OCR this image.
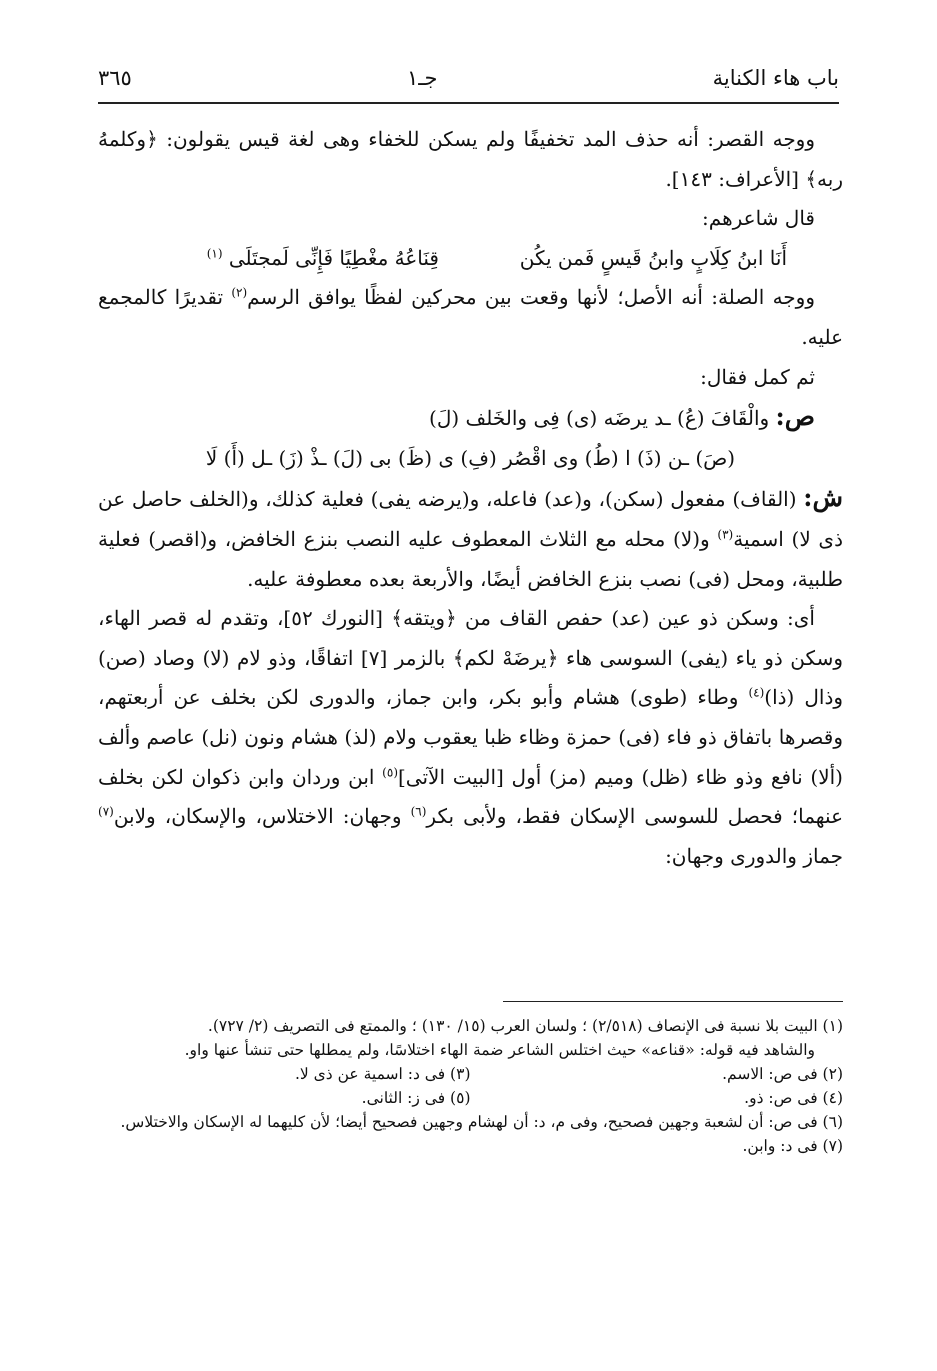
٣٦٥	جـ١	باب هاء الكناية

ووجه القصر: أنه حذف المد تخفيفًا ولم يسكن للخفاء وهى لغة قيس يقولون: ﴿وكلمهُ ربه﴾ [الأعراف: ١٤٣].

قال شاعرهم:

أَنَا ابنُ كِلَابٍ وابنُ قَيسٍ فَمن يكُن  قِنَاعُهُ مغْطِيًا فَإِنِّى لَمجتَلَى $^{(١)}$

ووجه الصلة: أنه الأصل؛ لأنها وقعت بين محركين لفظًا يوافق الرسم$^{(٢)}$ تقديرًا كالمجمع عليه.

ثم كمل فقال:

ص: والْقَافَ (عُ) ـد يرضَه (ى) فِى والخَلف (لَ)

(صَ) ـن (ذَ) ا (طُ) وى اقْصُر (فِ) ى (ظَ) بى (لَ) ـذْ (زَ) ـل (أَ) لَا

ش: (القاف) مفعول (سكن)، و(عد) فاعله، و(يرضه يفى) فعلية كذلك، و(الخلف حاصل عن ذى لا) اسمية$^{(٣)}$ و(لا) محله مع الثلاث المعطوف عليه النصب بنزع الخافض، و(اقصر) فعلية طلبية، ومحل (فى) نصب بنزع الخافض أيضًا، والأربعة بعده معطوفة عليه.

أى: وسكن ذو عين (عد) حفص القاف من ﴿ويتقه﴾ [النورك ٥٢]، وتقدم له قصر الهاء، وسكن ذو ياء (يفى) السوسى هاء ﴿يرضَهْ لكم﴾ بالزمر [٧] اتفاقًا، وذو لام (لا) وصاد (صن) وذال (ذا)$^{(٤)}$ وطاء (طوى) هشام وأبو بكر، وابن جماز، والدورى لكن بخلف عن أربعتهم، وقصرها باتفاق ذو فاء (فى) حمزة وظاء ظبا يعقوب ولام (لذ) هشام ونون (نل) عاصم وألف (ألا) نافع وذو ظاء (ظل) وميم (مز) أول [البيت الآتى]$^{(٥)}$ ابن وردان وابن ذكوان لكن بخلف عنهما؛ فحصل للسوسى الإسكان فقط، ولأبى بكر$^{(٦)}$ وجهان: الاختلاس، والإسكان، ولابن$^{(٧)}$ جماز والدورى وجهان:

(١) البيت بلا نسبة فى الإنصاف (٢/٥١٨) ؛ ولسان العرب (١٥/ ١٣٠) ؛ والممتع فى التصريف (٢/ ٧٢٧).

والشاهد فيه قوله: «قناعه» حيث اختلس الشاعر ضمة الهاء اختلاسًا، ولم يمطلها حتى تنشأ عنها واو.

(٢) فى ص: الاسم.

(٣) فى د: اسمية عن ذى لا.

(٤) فى ص: ذو.

(٥) فى ز: الثانى.

(٦) فى ص: أن لشعبة وجهين فصحيح، وفى م، د: أن لهشام وجهين فصحيح أيضا؛ لأن كليهما له الإسكان والاختلاس.

(٧) فى د: وابن.
